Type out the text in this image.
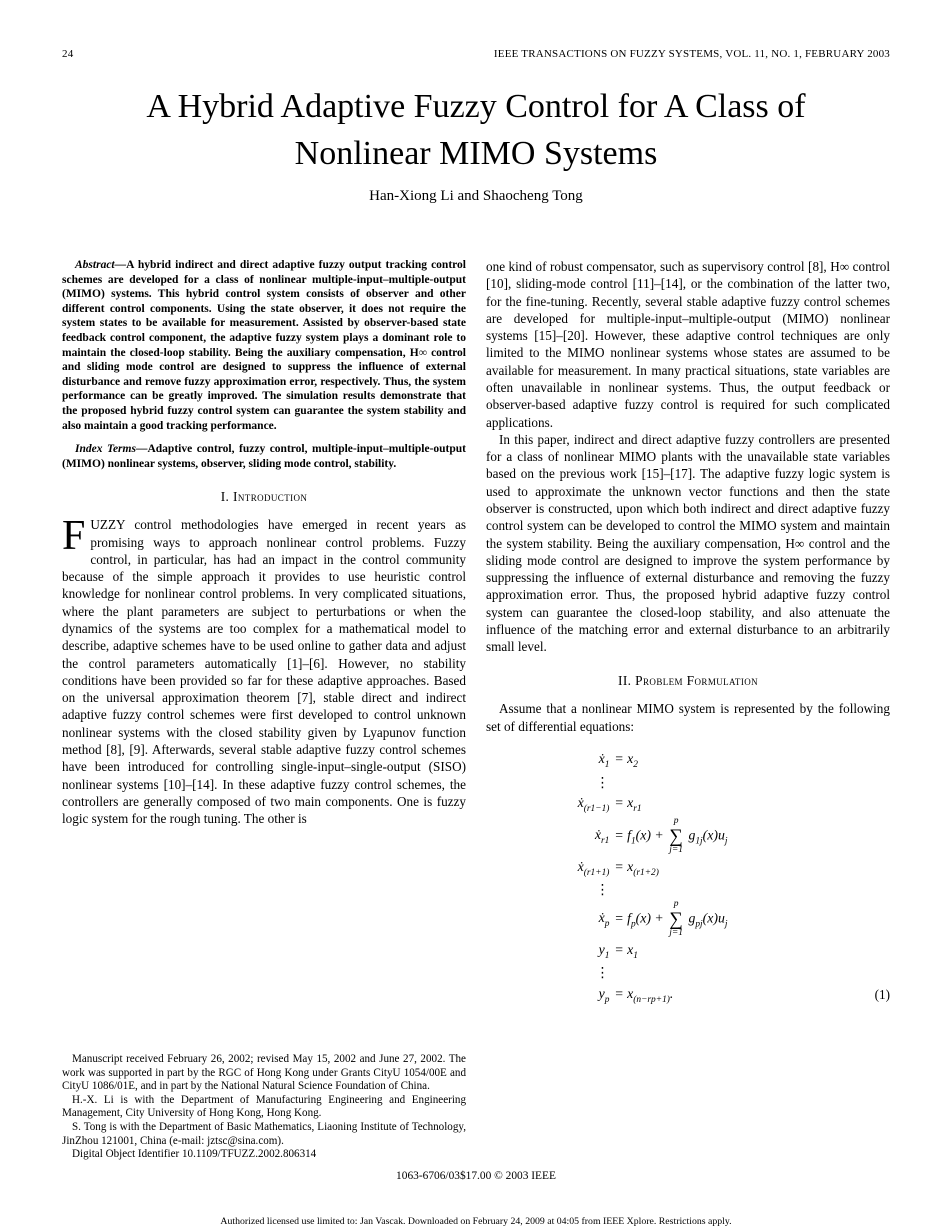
24	IEEE TRANSACTIONS ON FUZZY SYSTEMS, VOL. 11, NO. 1, FEBRUARY 2003
A Hybrid Adaptive Fuzzy Control for A Class of
Nonlinear MIMO Systems
Han-Xiong Li and Shaocheng Tong

Abstract—A hybrid indirect and direct adaptive fuzzy output tracking control schemes are developed for a class of nonlinear multiple-input–multiple-output (MIMO) systems. This hybrid control system consists of observer and other different control components. Using the state observer, it does not require the system states to be available for measurement. Assisted by observer-based state feedback control component, the adaptive fuzzy system plays a dominant role to maintain the closed-loop stability. Being the auxiliary compensation, H∞ control and sliding mode control are designed to suppress the influence of external disturbance and remove fuzzy approximation error, respectively. Thus, the system performance can be greatly improved. The simulation results demonstrate that the proposed hybrid fuzzy control system can guarantee the system stability and also maintain a good tracking performance.

Index Terms—Adaptive control, fuzzy control, multiple-input–multiple-output (MIMO) nonlinear systems, observer, sliding mode control, stability.

I. Introduction

FUZZY control methodologies have emerged in recent years as promising ways to approach nonlinear control problems. Fuzzy control, in particular, has had an impact in the control community because of the simple approach it provides to use heuristic control knowledge for nonlinear control problems. In very complicated situations, where the plant parameters are subject to perturbations or when the dynamics of the systems are too complex for a mathematical model to describe, adaptive schemes have to be used online to gather data and adjust the control parameters automatically [1]–[6]. However, no stability conditions have been provided so far for these adaptive approaches. Based on the universal approximation theorem [7], stable direct and indirect adaptive fuzzy control schemes were first developed to control unknown nonlinear systems with the closed stability given by Lyapunov function method [8], [9]. Afterwards, several stable adaptive fuzzy control schemes have been introduced for controlling single-input–single-output (SISO) nonlinear systems [10]–[14]. In these adaptive fuzzy control schemes, the controllers are generally composed of two main components. One is fuzzy logic system for the rough tuning. The other is

Manuscript received February 26, 2002; revised May 15, 2002 and June 27, 2002. The work was supported in part by the RGC of Hong Kong under Grants CityU 1054/00E and CityU 1086/01E, and in part by the National Natural Science Foundation of China.

H.-X. Li is with the Department of Manufacturing Engineering and Engineering Management, City University of Hong Kong, Hong Kong.

S. Tong is with the Department of Basic Mathematics, Liaoning Institute of Technology, JinZhou 121001, China (e-mail: jztsc@sina.com).

Digital Object Identifier 10.1109/TFUZZ.2002.806314

one kind of robust compensator, such as supervisory control [8], H∞ control [10], sliding-mode control [11]–[14], or the combination of the latter two, for the fine-tuning. Recently, several stable adaptive fuzzy control schemes are developed for multiple-input–multiple-output (MIMO) nonlinear systems [15]–[20]. However, these adaptive control techniques are only limited to the MIMO nonlinear systems whose states are assumed to be available for measurement. In many practical situations, state variables are often unavailable in nonlinear systems. Thus, the output feedback or observer-based adaptive fuzzy control is required for such complicated applications.

In this paper, indirect and direct adaptive fuzzy controllers are presented for a class of nonlinear MIMO plants with the unavailable state variables based on the previous work [15]–[17]. The adaptive fuzzy logic system is used to approximate the unknown vector functions and then the state observer is constructed, upon which both indirect and direct adaptive fuzzy control system can be developed to control the MIMO system and maintain the system stability. Being the auxiliary compensation, H∞ control and the sliding mode control are designed to improve the system performance by suppressing the influence of external disturbance and removing the fuzzy approximation error. Thus, the proposed hybrid adaptive fuzzy control system can guarantee the closed-loop stability, and also attenuate the influence of the matching error and external disturbance to an arbitrarily small level.

II. Problem Formulation

Assume that a nonlinear MIMO system is represented by the following set of differential equations:

ẋ$_1$ = $x_2$
⋮
ẋ$_{(r1-1)}$ = $x_{r1}$
ẋ$_{r1}$ = $f_1(x)$ +
p
∑
j=1
$g_{1j}(x)u_j$
ẋ$_{(r1+1)}$ = $x_{(r1+2)}$
⋮
ẋ$_p$ = $f_p(x)$ +
p
∑
j=1
$g_{pj}(x)u_j$
$y_1 = x_1$
⋮
$y_p = x_{(n-rp+1)}$.	(1)
1063-6706/03$17.00 © 2003 IEEE
Authorized licensed use limited to: Jan Vascak. Downloaded on February 24, 2009 at 04:05 from IEEE Xplore. Restrictions apply.
